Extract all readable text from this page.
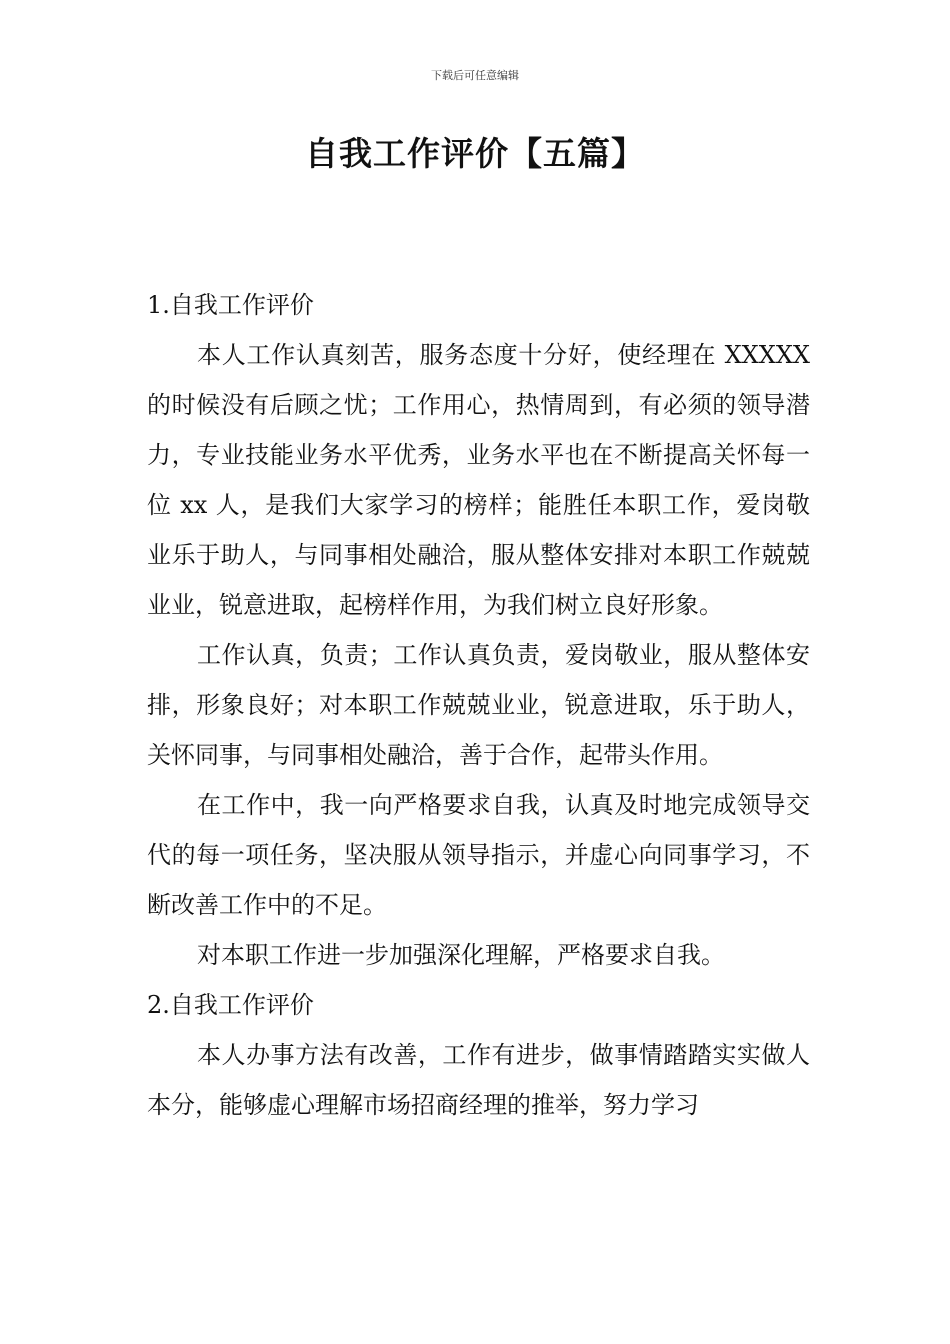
下载后可任意编辑
自我工作评价【五篇】

1.自我工作评价

本人工作认真刻苦，服务态度十分好，使经理在 XXXXX 的时候没有后顾之忧；工作用心，热情周到，有必须的领导潜力，专业技能业务水平优秀，业务水平也在不断提高关怀每一位 xx 人，是我们大家学习的榜样；能胜任本职工作，爱岗敬业乐于助人，与同事相处融洽，服从整体安排对本职工作兢兢业业，锐意进取，起榜样作用，为我们树立良好形象。

工作认真，负责；工作认真负责，爱岗敬业，服从整体安排，形象良好；对本职工作兢兢业业，锐意进取，乐于助人，关怀同事，与同事相处融洽，善于合作，起带头作用。

在工作中，我一向严格要求自我，认真及时地完成领导交代的每一项任务，坚决服从领导指示，并虚心向同事学习，不断改善工作中的不足。

对本职工作进一步加强深化理解，严格要求自我。

2.自我工作评价

本人办事方法有改善，工作有进步，做事情踏踏实实做人本分，能够虚心理解市场招商经理的推举，努力学习
